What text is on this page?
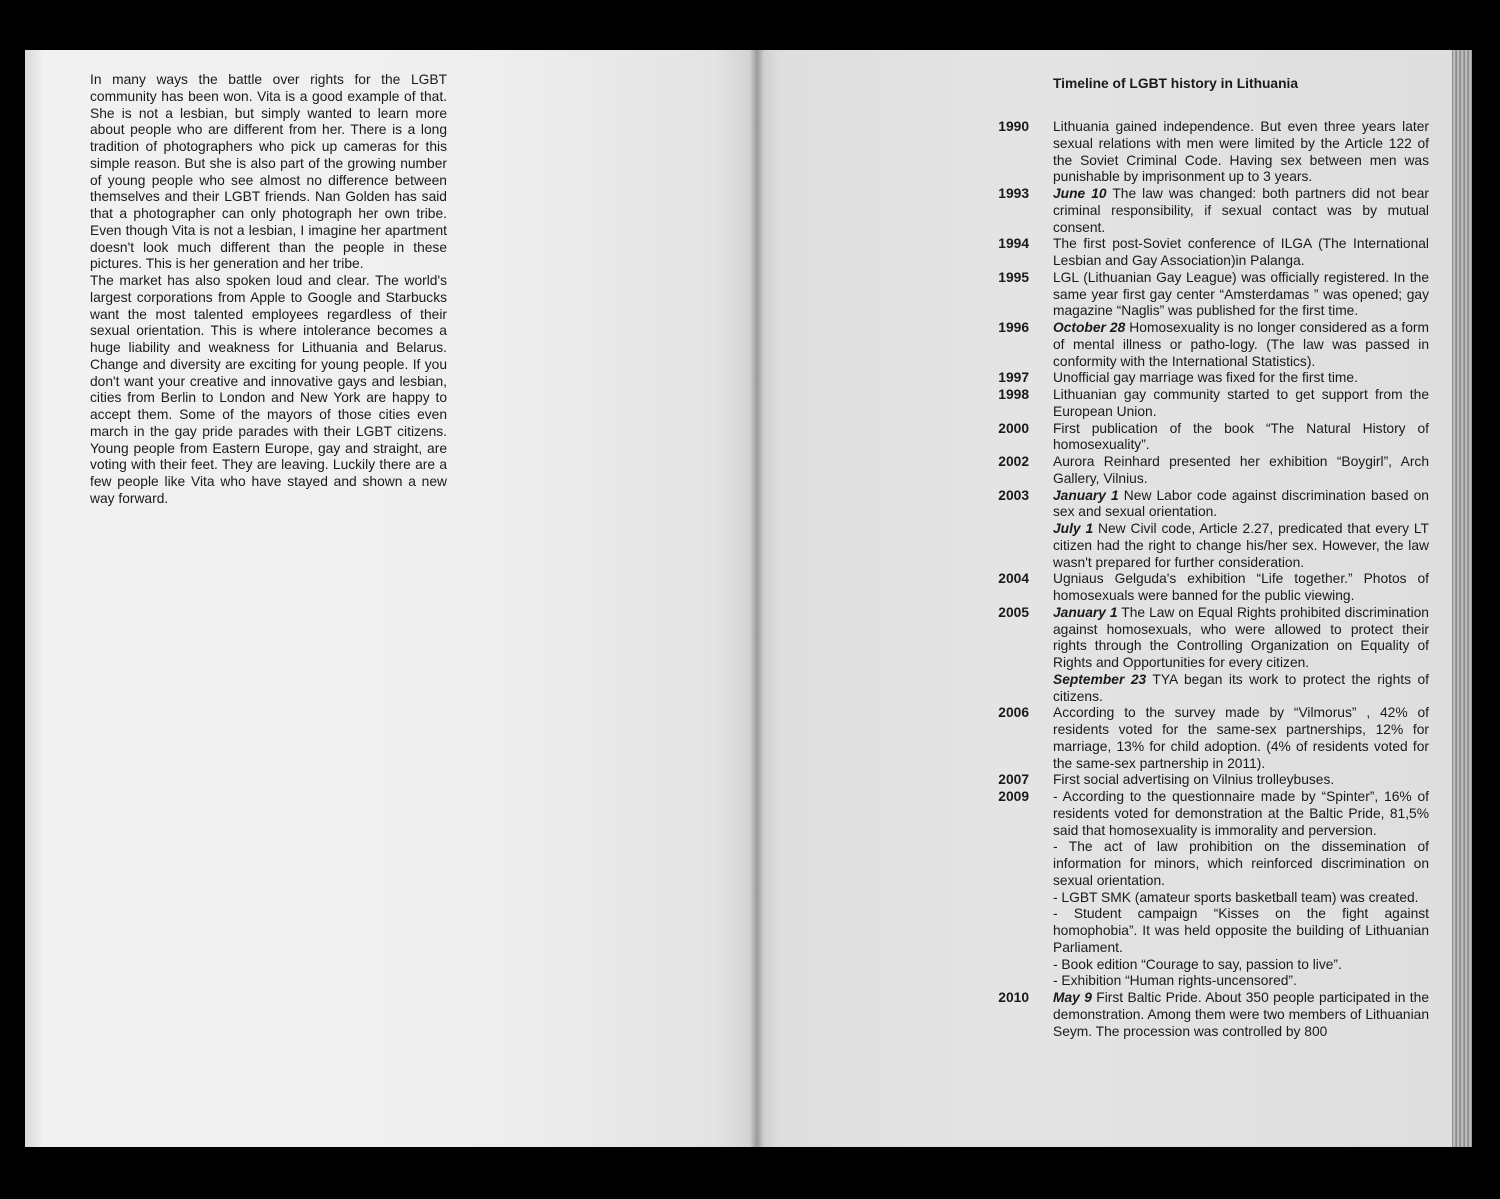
In many ways the battle over rights for the LGBT community has been won. Vita is a good example of that. She is not a lesbian, but simply wanted to learn more about people who are different from her. There is a long tradition of photographers who pick up cameras for this simple reason. But she is also part of the growing number of young people who see almost no difference between themselves and their LGBT friends. Nan Golden has said that a photographer can only photograph her own tribe. Even though Vita is not a lesbian, I imagine her apartment doesn't look much different than the people in these pictures. This is her generation and her tribe.

The market has also spoken loud and clear. The world's largest corporations from Apple to Google and Starbucks want the most talented employees regardless of their sexual orientation. This is where intolerance becomes a huge liability and weakness for Lithuania and Belarus. Change and diversity are exciting for young people. If you don't want your creative and innovative gays and lesbian, cities from Berlin to London and New York are happy to accept them. Some of the mayors of those cities even march in the gay pride parades with their LGBT citizens. Young people from Eastern Europe, gay and straight, are voting with their feet. They are leaving. Luckily there are a few people like Vita who have stayed and shown a new way forward.

Timeline of LGBT history in Lithuania
1990 Lithuania gained independence. But even three years later sexual relations with men were limited by the Article 122 of the Soviet Criminal Code. Having sex between men was punishable by imprisonment up to 3 years.

1993 June 10 The law was changed: both partners did not bear criminal responsibility, if sexual contact was by mutual consent.

1994 The first post-Soviet conference of ILGA (The International Lesbian and Gay Association)in Palanga.

1995 LGL (Lithuanian Gay League) was officially registered. In the same year first gay center “Amsterdamas ” was opened; gay magazine “Naglis” was published for the first time.

1996 October 28 Homosexuality is no longer considered as a form of mental illness or patho-logy. (The law was passed in conformity with the International Statistics).

1997 Unofficial gay marriage was fixed for the first time.

1998 Lithuanian gay community started to get support from the European Union.

2000 First publication of the book “The Natural History of homosexuality”.

2002 Aurora Reinhard presented her exhibition “Boygirl”, Arch Gallery, Vilnius.

2003 January 1 New Labor code against discrimination based on sex and sexual orientation.

July 1 New Civil code, Article 2.27, predicated that every LT citizen had the right to change his/her sex. However, the law wasn't prepared for further consideration.

2004 Ugniaus Gelguda's exhibition “Life together.” Photos of homosexuals were banned for the public viewing.

2005 January 1 The Law on Equal Rights prohibited discrimination against homosexuals, who were allowed to protect their rights through the Controlling Organization on Equality of Rights and Opportunities for every citizen.

September 23 TYA began its work to protect the rights of citizens.

2006 According to the survey made by “Vilmorus” , 42% of residents voted for the same-sex partnerships, 12% for marriage, 13% for child adoption. (4% of residents voted for the same-sex partnership in 2011).

2007 First social advertising on Vilnius trolleybuses.

2009 - According to the questionnaire made by “Spinter”, 16% of residents voted for demonstration at the Baltic Pride, 81,5% said that homosexuality is immorality and perversion.

- The act of law prohibition on the dissemination of information for minors, which reinforced discrimination on sexual orientation.

- LGBT SMK (amateur sports basketball team) was created.

- Student campaign “Kisses on the fight against homophobia”. It was held opposite the building of Lithuanian Parliament.

- Book edition “Courage to say, passion to live”.

- Exhibition “Human rights-uncensored”.

2010 May 9 First Baltic Pride. About 350 people participated in the demonstration. Among them were two members of Lithuanian Seym. The procession was controlled by 800
